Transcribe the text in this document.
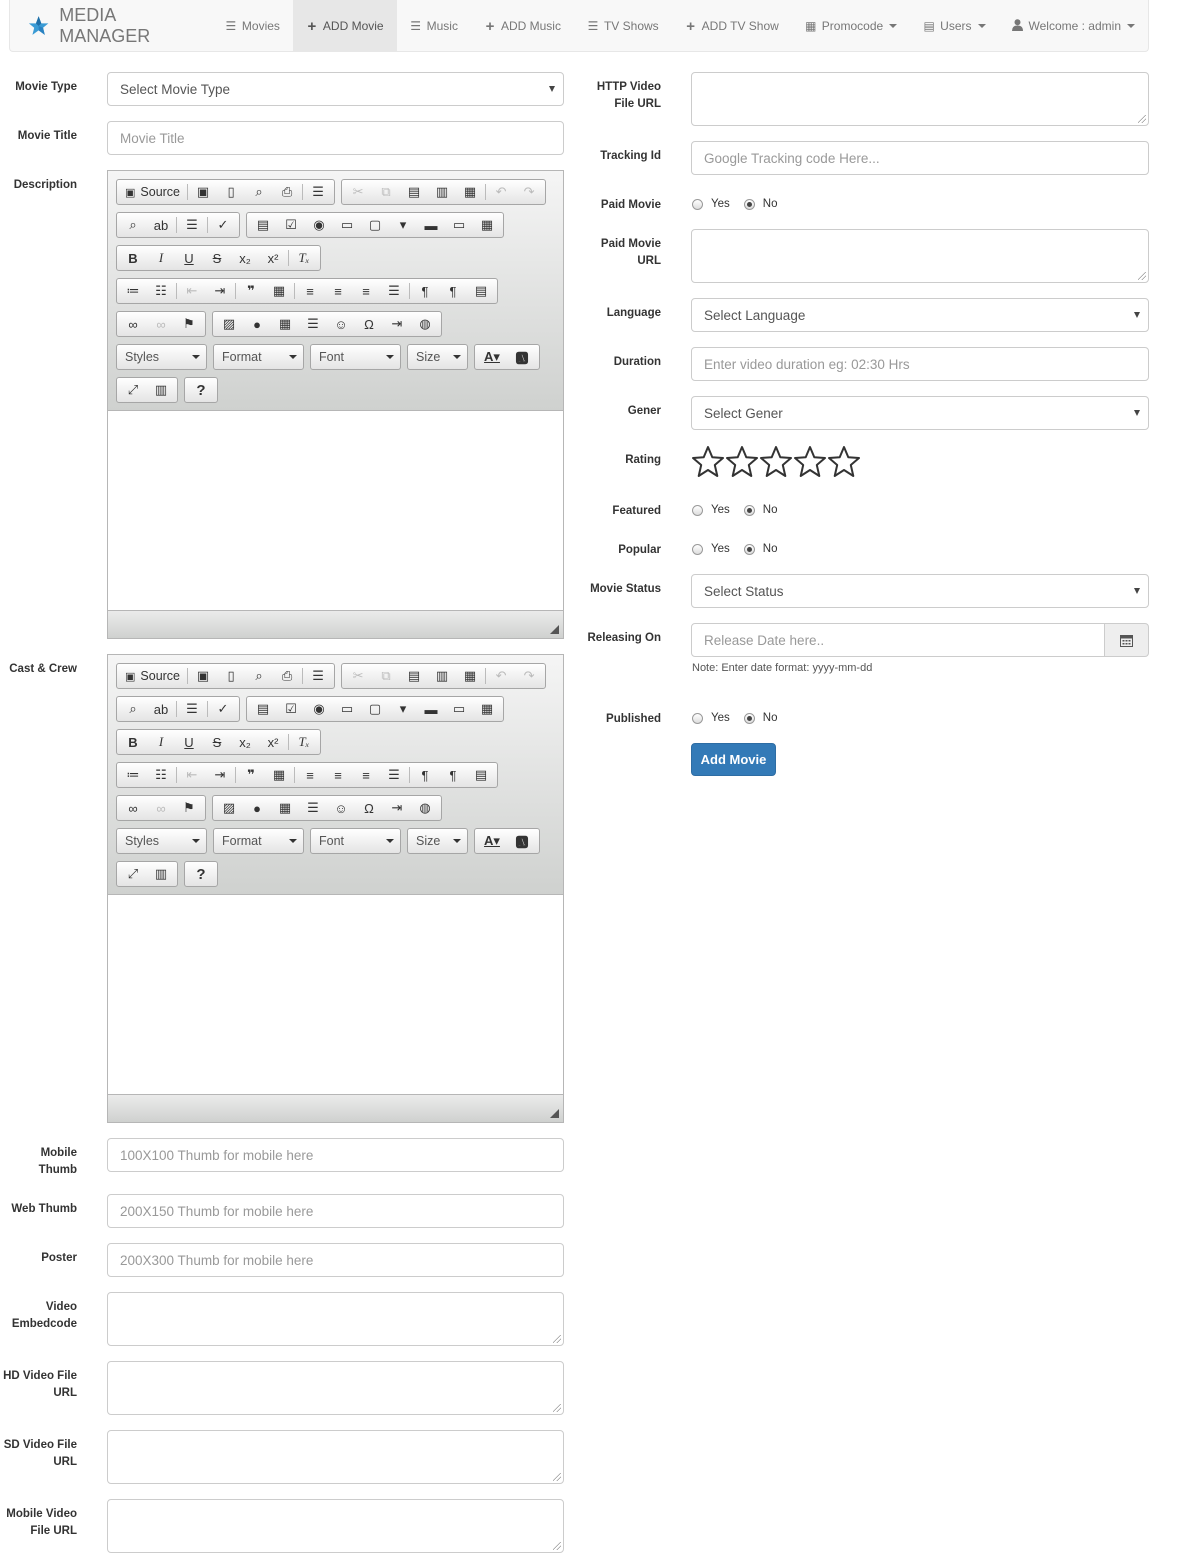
MEDIA MANAGER	☰ Movies + ADD Movie ☰ Music + ADD Music ☰ TV Shows + ADD TV Show ▦ Promocode	▤ Users	Welcome : admin
Movie Type	Select Movie Type
Movie Title	Movie Title
Description
▣ Source	▣	▯	⌕	⎙	☰	✂	⧉	▤	▥	▦	↶	↷
⌕	ab	☰	✓	▤	☑	◉	▭	▢	▾	▬	▭	▦
B	I	U	S	x₂	x²	Tₓ
≔	☷	⇤	⇥	❞	▦	≡	≡	≡	☰	¶	¶	▤
∞	∞	⚑	▨	●	▦	☰	☺	Ω	⇥	◍
Styles	Format	Font	Size	A▾	🅰
⤢	▥	?
Cast & Crew
▣ Source	▣	▯	⌕	⎙	☰	✂	⧉	▤	▥	▦	↶	↷
⌕	ab	☰	✓	▤	☑	◉	▭	▢	▾	▬	▭	▦
B	I	U	S	x₂	x²	Tₓ
≔	☷	⇤	⇥	❞	▦	≡	≡	≡	☰	¶	¶	▤
∞	∞	⚑	▨	●	▦	☰	☺	Ω	⇥	◍
Styles	Format	Font	Size	A▾	🅰
⤢	▥	?
Mobile Thumb
100X100 Thumb for mobile here
Web Thumb	200X150 Thumb for mobile here
Poster	200X300 Thumb for mobile here
Video Embedcode
HD Video File URL
SD Video File URL
Mobile Video File URL
HTTP Video File URL
Tracking Id	Google Tracking code Here...
Paid Movie	Yes	No
Paid Movie URL
Language	Select Language
Duration	Enter video duration eg: 02:30 Hrs
Gener	Select Gener
Rating
Featured	Yes	No
Popular	Yes	No
Movie Status	Select Status
Releasing On	Release Date here..
Note: Enter date format: yyyy-mm-dd
Published	Yes	No
Add Movie
